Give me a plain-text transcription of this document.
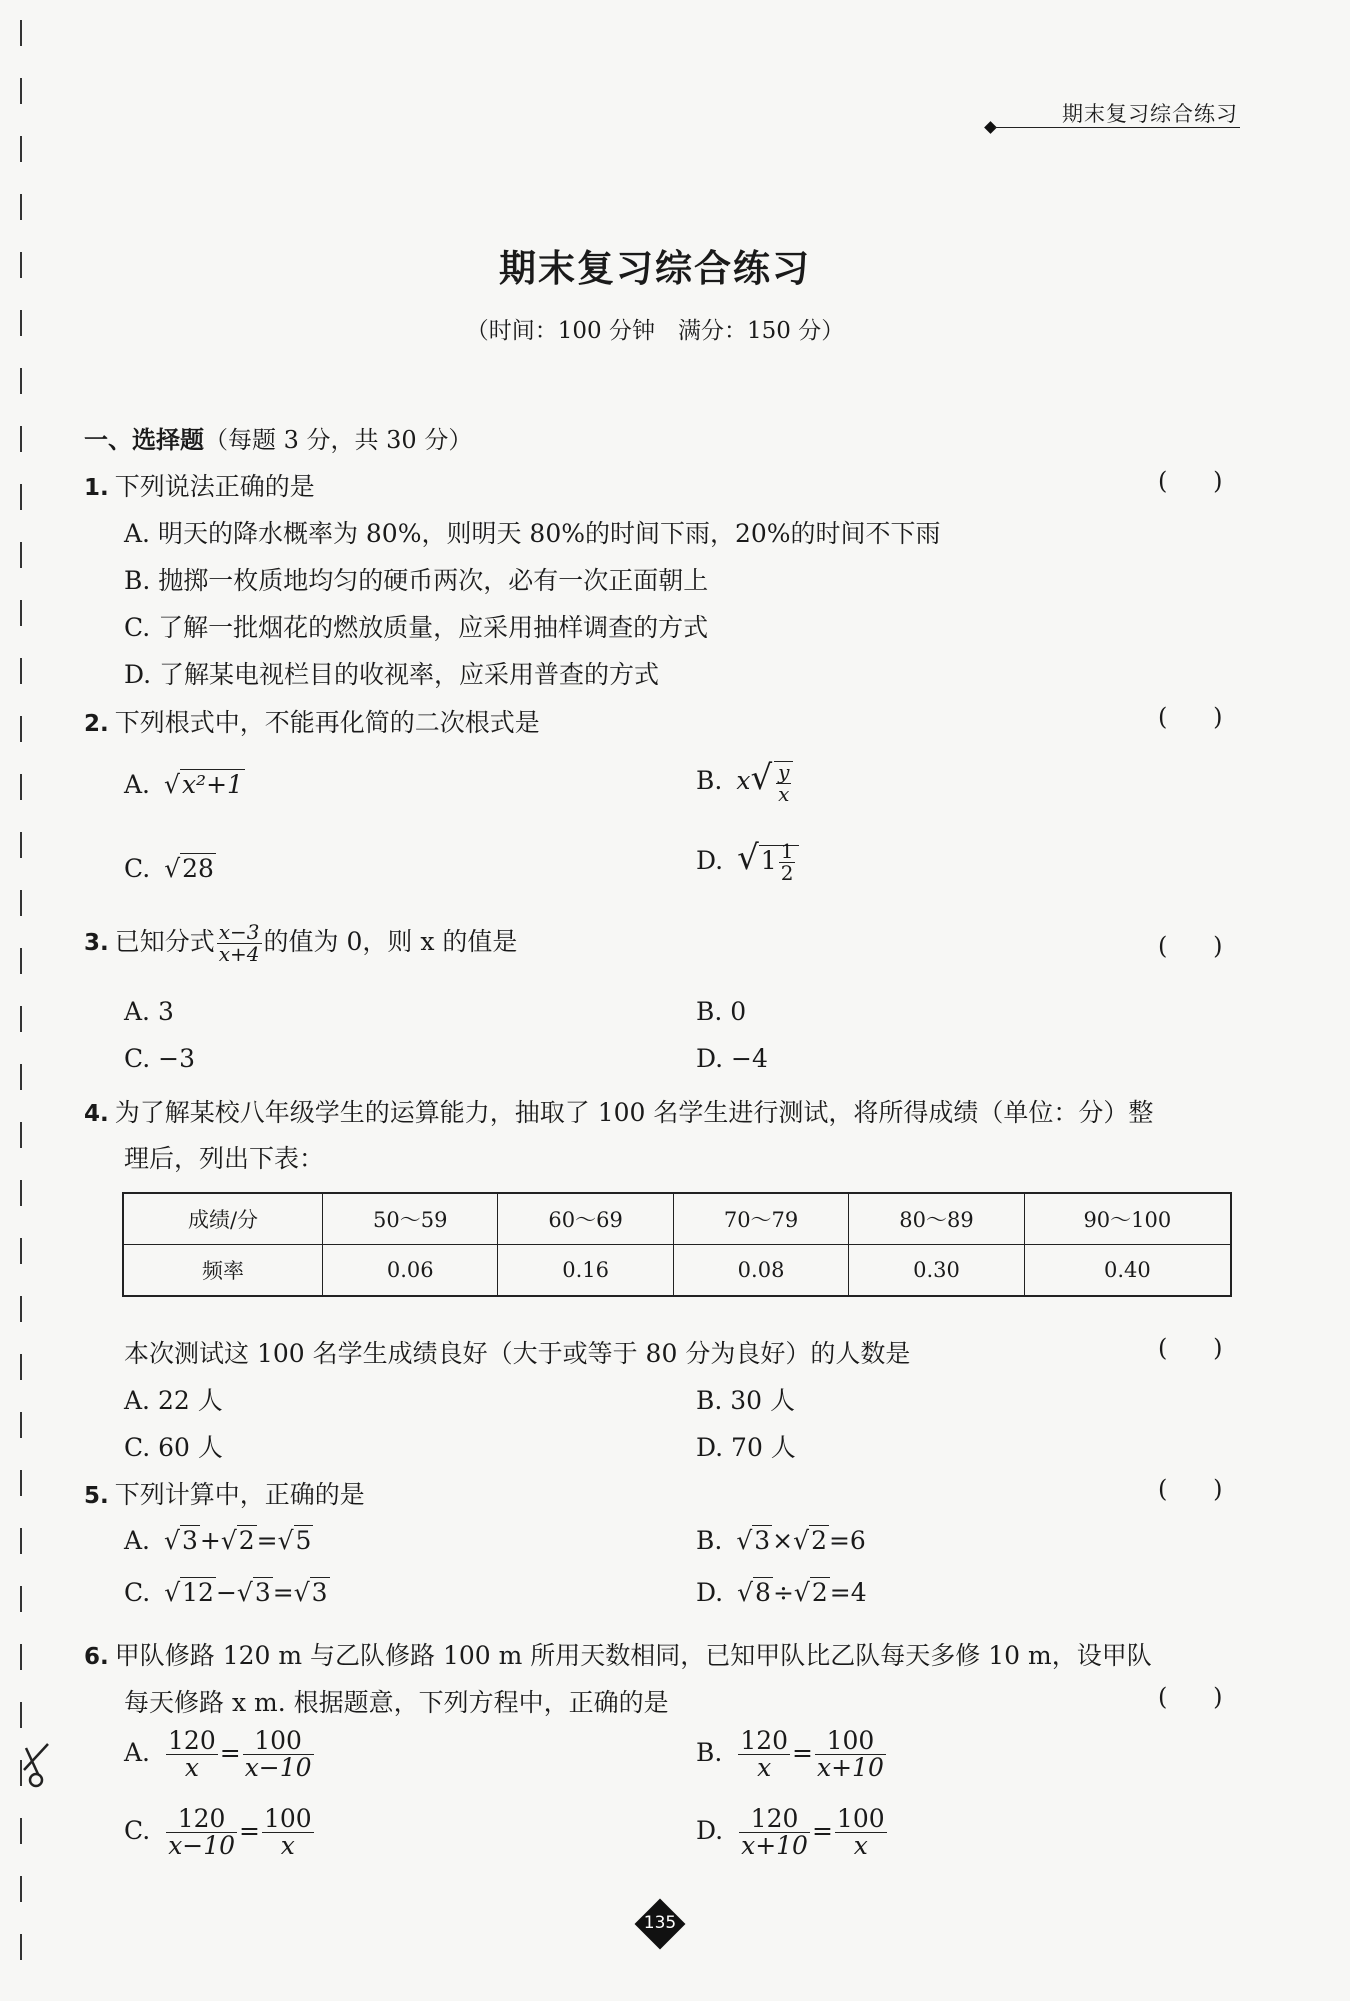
期末复习综合练习
期末复习综合练习
（时间：100 分钟　满分：150 分）
一、选择题（每题 3 分，共 30 分）
1. 下列说法正确的是	(      )
A. 明天的降水概率为 80%，则明天 80%的时间下雨，20%的时间不下雨
B. 抛掷一枚质地均匀的硬币两次，必有一次正面朝上
C. 了解一批烟花的燃放质量，应采用抽样调查的方式
D. 了解某电视栏目的收视率，应采用普查的方式
2. 下列根式中，不能再化简的二次根式是	(      )
A. √x²+1	B. $x√ \frac{y}{x}$
C. √28	D. $√1 \frac{1}{2}$
3. 已知分式 $\frac{x-3}{x+4}$ 的值为 0，则 x 的值是	(      )
A. 3	B. 0
C. −3	D. −4
4. 为了解某校八年级学生的运算能力，抽取了 100 名学生进行测试，将所得成绩（单位：分）整
理后，列出下表：
成绩/分	50～59	60～69	70～79	80～89	90～100
频率	0.06	0.16	0.08	0.30	0.40
本次测试这 100 名学生成绩良好（大于或等于 80 分为良好）的人数是	(      )
A. 22 人	B. 30 人
C. 60 人	D. 70 人
5. 下列计算中，正确的是	(      )
A. √3+√2=√5	B. √3×√2=6
C. √12−√3=√3	D. √8÷√2=4
6. 甲队修路 120 m 与乙队修路 100 m 所用天数相同，已知甲队比乙队每天多修 10 m，设甲队
每天修路 x m. 根据题意，下列方程中，正确的是	(      )
A. $\frac{120}{x} = \frac{100}{x-10}$	B. $\frac{120}{x} = \frac{100}{x+10}$
C. $\frac{120}{x-10} = \frac{100}{x}$	D. $\frac{120}{x+10} = \frac{100}{x}$
135
